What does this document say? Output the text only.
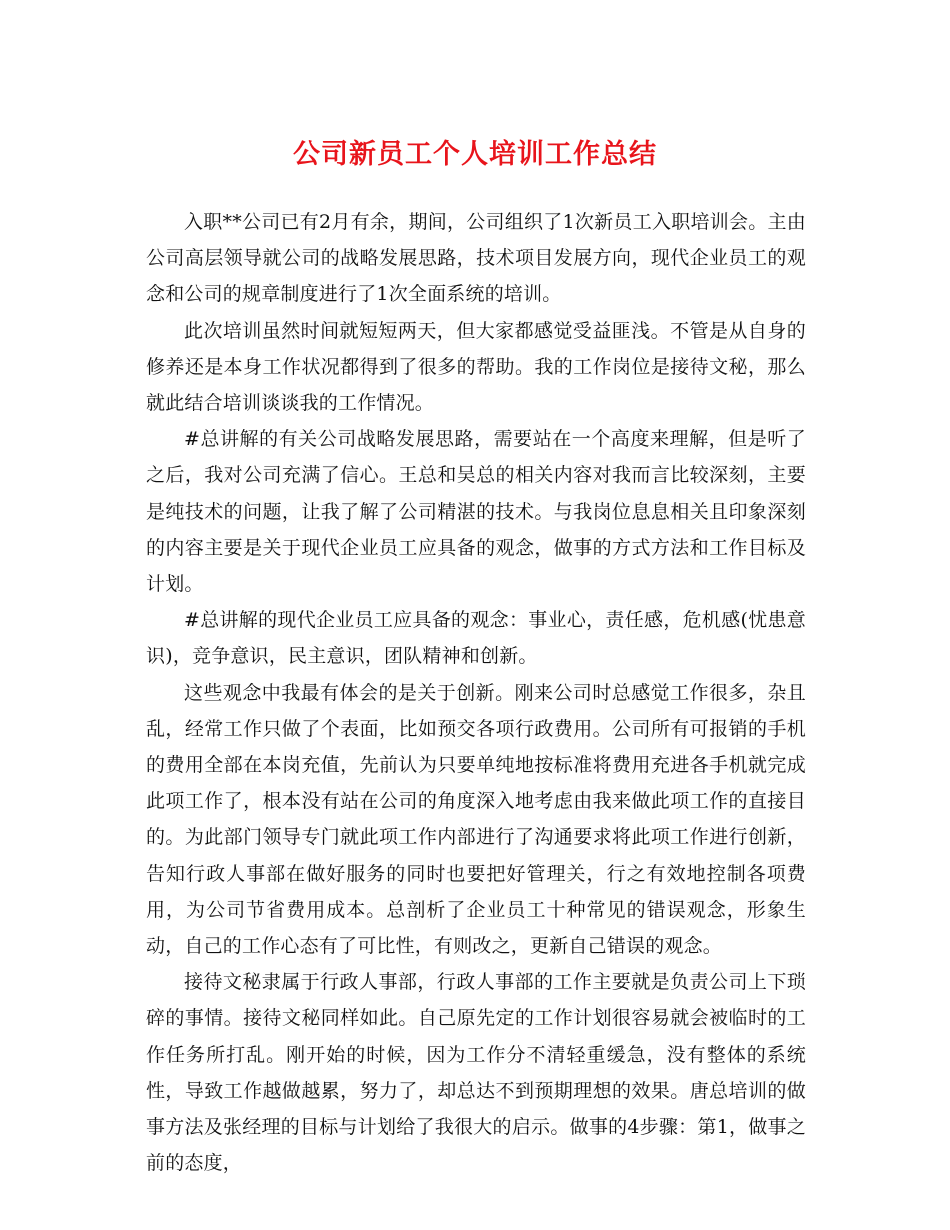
公司新员工个人培训工作总结

入职**公司已有2月有余，期间，公司组织了1次新员工入职培训会。主由公司高层领导就公司的战略发展思路，技术项目发展方向，现代企业员工的观念和公司的规章制度进行了1次全面系统的培训。

此次培训虽然时间就短短两天，但大家都感觉受益匪浅。不管是从自身的修养还是本身工作状况都得到了很多的帮助。我的工作岗位是接待文秘，那么就此结合培训谈谈我的工作情况。

#总讲解的有关公司战略发展思路，需要站在一个高度来理解，但是听了之后，我对公司充满了信心。王总和吴总的相关内容对我而言比较深刻，主要是纯技术的问题，让我了解了公司精湛的技术。与我岗位息息相关且印象深刻的内容主要是关于现代企业员工应具备的观念，做事的方式方法和工作目标及计划。

#总讲解的现代企业员工应具备的观念：事业心，责任感，危机感(忧患意识)，竞争意识，民主意识，团队精神和创新。

这些观念中我最有体会的是关于创新。刚来公司时总感觉工作很多，杂且乱，经常工作只做了个表面，比如预交各项行政费用。公司所有可报销的手机的费用全部在本岗充值，先前认为只要单纯地按标准将费用充进各手机就完成此项工作了，根本没有站在公司的角度深入地考虑由我来做此项工作的直接目的。为此部门领导专门就此项工作内部进行了沟通要求将此项工作进行创新，告知行政人事部在做好服务的同时也要把好管理关，行之有效地控制各项费用，为公司节省费用成本。总剖析了企业员工十种常见的错误观念，形象生动，自己的工作心态有了可比性，有则改之，更新自己错误的观念。

接待文秘隶属于行政人事部，行政人事部的工作主要就是负责公司上下琐碎的事情。接待文秘同样如此。自己原先定的工作计划很容易就会被临时的工作任务所打乱。刚开始的时候，因为工作分不清轻重缓急，没有整体的系统性，导致工作越做越累，努力了，却总达不到预期理想的效果。唐总培训的做事方法及张经理的目标与计划给了我很大的启示。做事的4步骤：第1，做事之前的态度，
